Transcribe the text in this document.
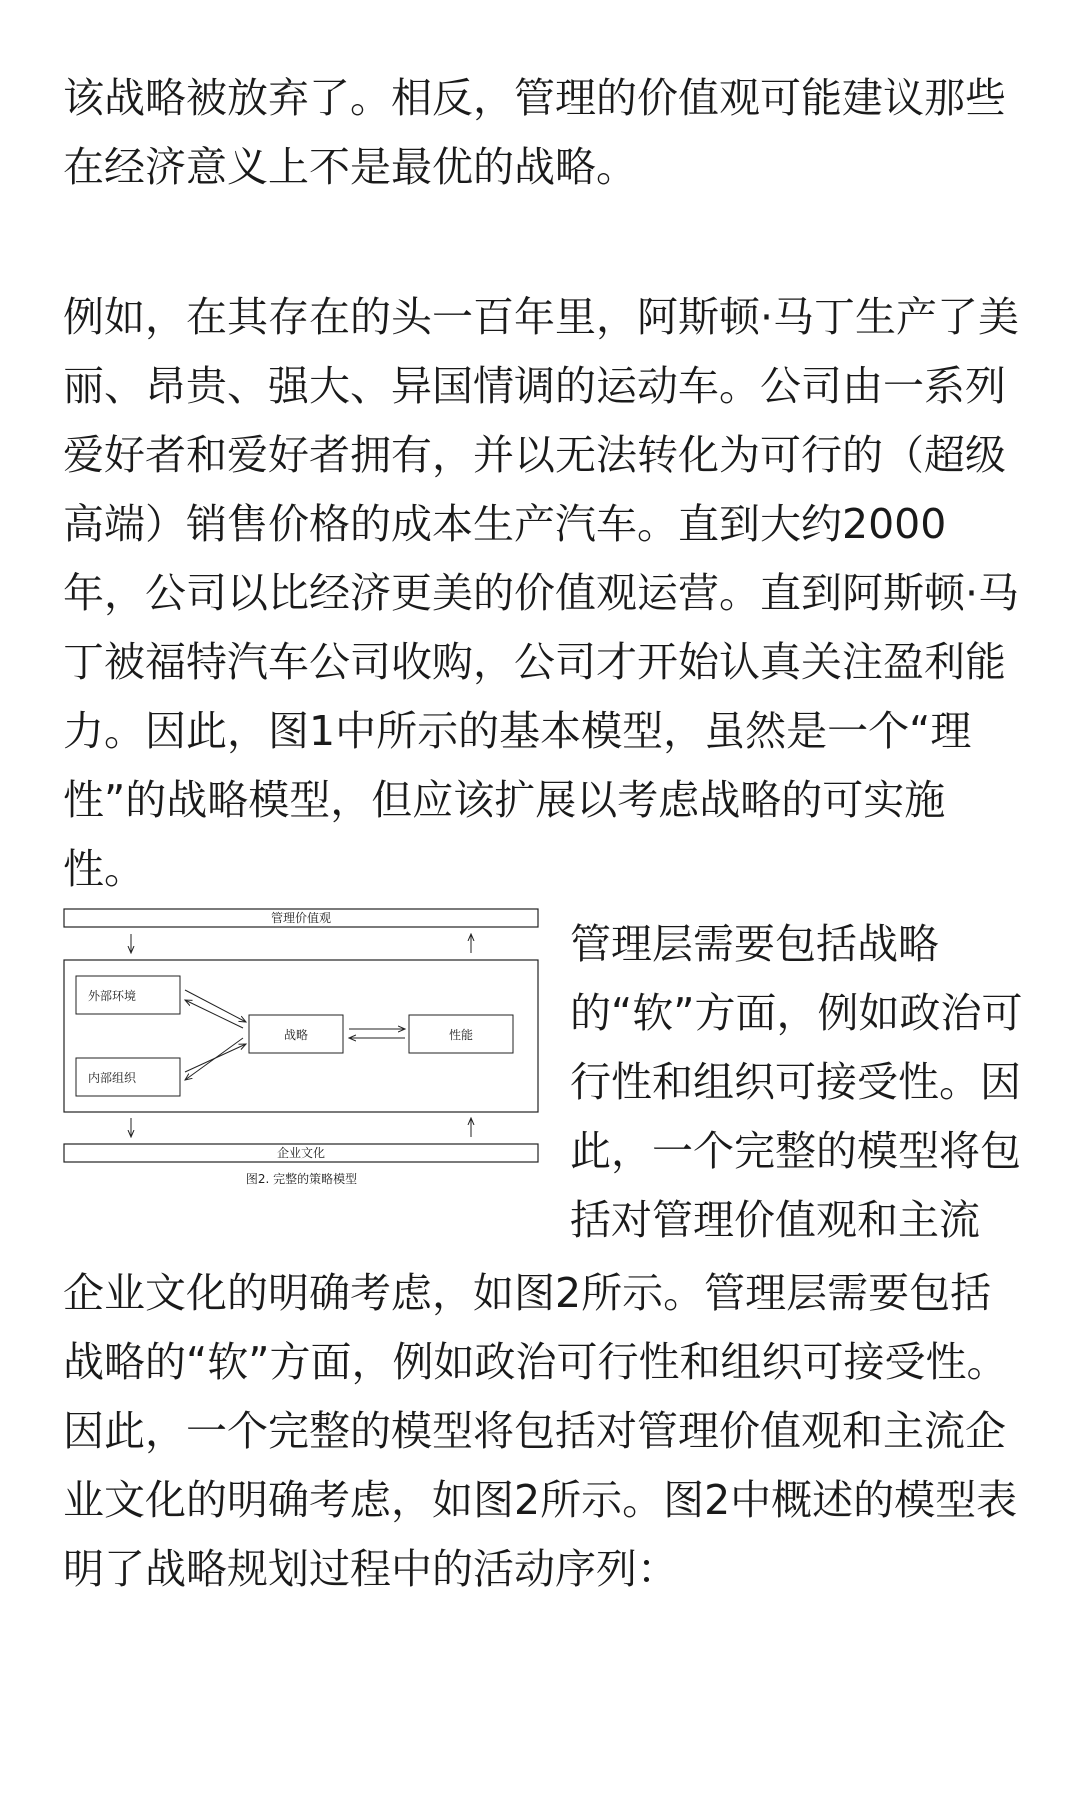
该战略被放弃了。相反，管理的价值观可能建议那些在经济意义上不是最优的战略。

例如，在其存在的头一百年里，阿斯顿·马丁生产了美丽、昂贵、强大、异国情调的运动车。公司由一系列爱好者和爱好者拥有，并以无法转化为可行的（超级高端）销售价格的成本生产汽车。直到大约2000年，公司以比经济更美的价值观运营。直到阿斯顿·马丁被福特汽车公司收购，公司才开始认真关注盈利能力。因此，图1中所示的基本模型，虽然是一个“理性”的战略模型，但应该扩展以考虑战略的可实施性。

管理价值观
外部环境
内部组织
战略	性能
企业文化
图2. 完整的策略模型

管理层需要包括战略的“软”方面，例如政治可行性和组织可接受性。因此，一个完整的模型将包括对管理价值观和主流

企业文化的明确考虑，如图2所示。管理层需要包括战略的“软”方面，例如政治可行性和组织可接受性。因此，一个完整的模型将包括对管理价值观和主流企业文化的明确考虑，如图2所示。图2中概述的模型表明了战略规划过程中的活动序列：
